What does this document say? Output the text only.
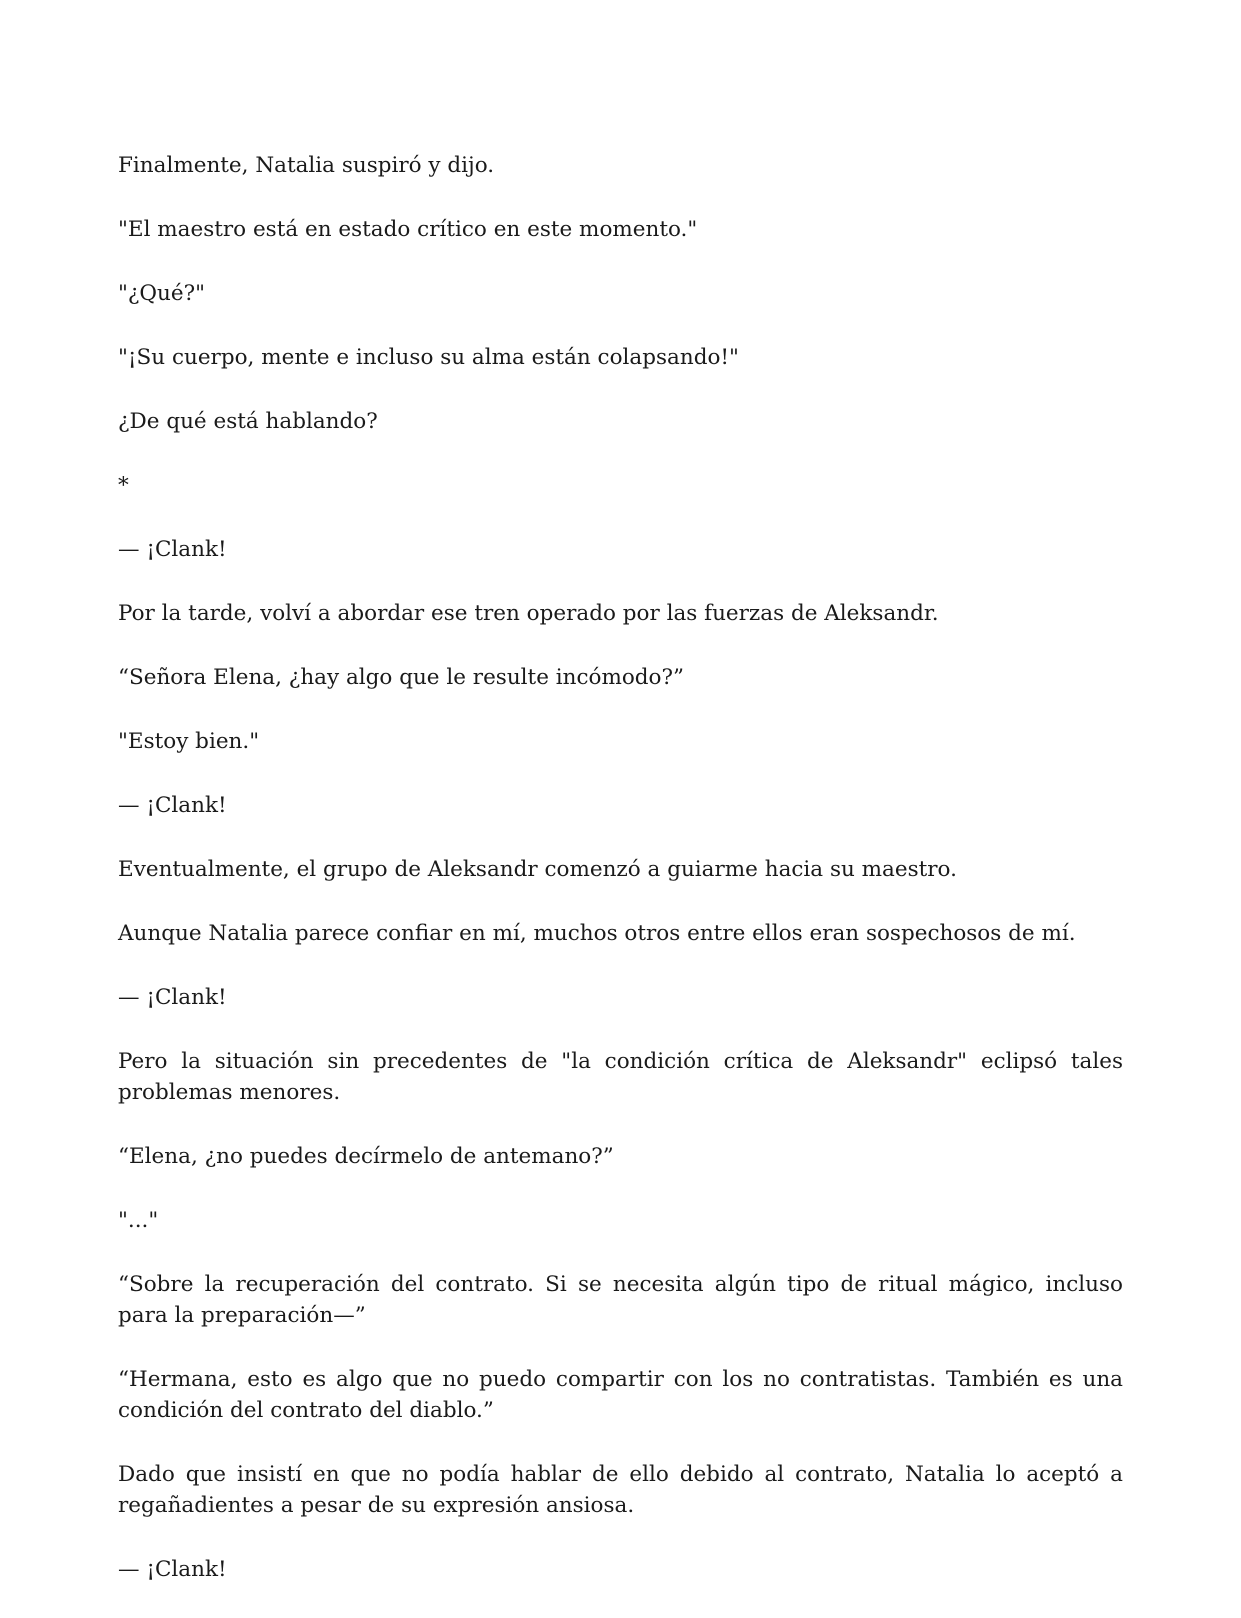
Finalmente, Natalia suspiró y dijo.

"El maestro está en estado crítico en este momento."

"¿Qué?"

"¡Su cuerpo, mente e incluso su alma están colapsando!"

¿De qué está hablando?

*

— ¡Clank!

Por la tarde, volví a abordar ese tren operado por las fuerzas de Aleksandr.

“Señora Elena, ¿hay algo que le resulte incómodo?”

"Estoy bien."

— ¡Clank!

Eventualmente, el grupo de Aleksandr comenzó a guiarme hacia su maestro.

Aunque Natalia parece confiar en mí, muchos otros entre ellos eran sospechosos de mí.

— ¡Clank!

Pero la situación sin precedentes de "la condición crítica de Aleksandr" eclipsó tales problemas menores.

“Elena, ¿no puedes decírmelo de antemano?”

"..."

“Sobre la recuperación del contrato. Si se necesita algún tipo de ritual mágico, incluso para la preparación—”

“Hermana, esto es algo que no puedo compartir con los no contratistas. También es una condición del contrato del diablo.”

Dado que insistí en que no podía hablar de ello debido al contrato, Natalia lo aceptó a regañadientes a pesar de su expresión ansiosa.

— ¡Clank!
